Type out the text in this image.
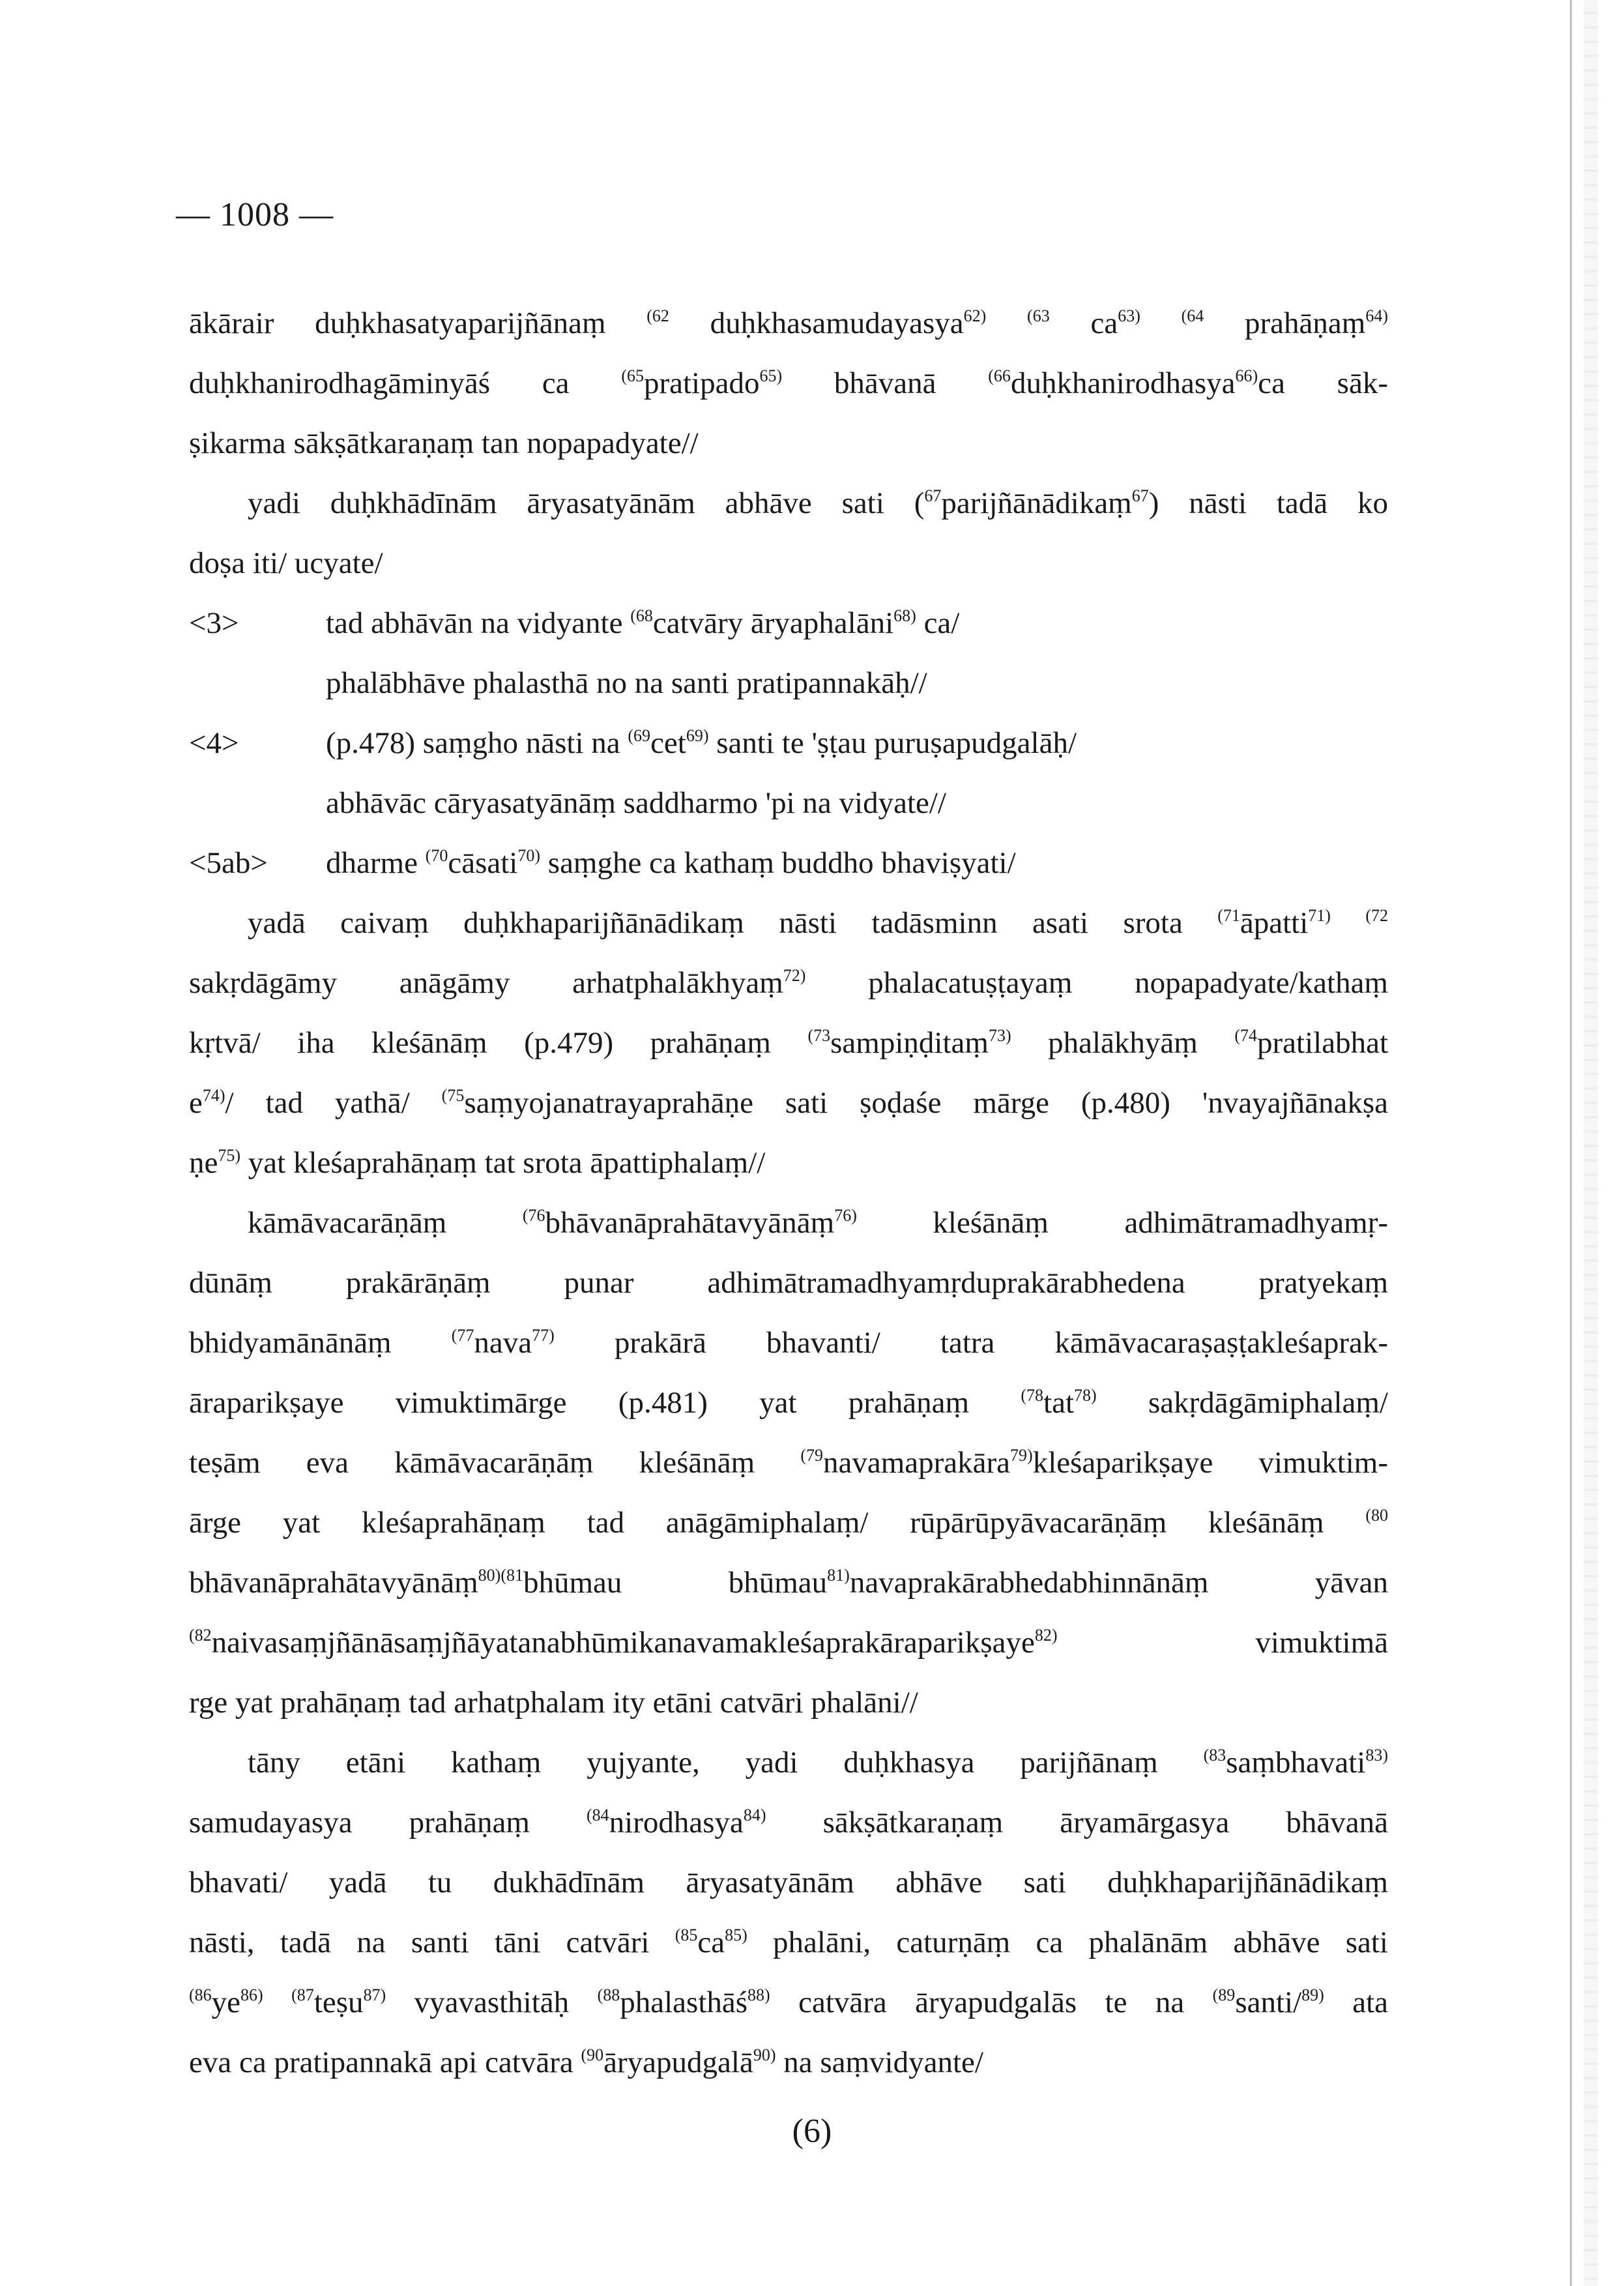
— 1008 —
ākārair duḥkhasatyaparijñānaṃ $^{(62}$ duḥkhasamudayasya$^{62)}$ $^{(63}$ $ca^{63)}$ $^{(64}$ prahāṇaṃ$^{64)}$
duḥkhanirodhagāminyāś ca $^{(65}$pratipado$^{65)}$ bhāvanā $^{(66}$duḥkhanirodhasya$^{66)}$ca sāk-
ṣikarma sākṣātkaraṇaṃ tan nopapadyate//
yadi duḥkhādīnām āryasatyānām abhāve sati ($^{67}$parijñānādikaṃ$^{67}$) nāsti tadā ko
doṣa iti/ ucyate/
<3>	tad abhāvān na vidyante $^{(68}$catvāry āryaphalāni$^{68)}$ ca/
phalābhāve phalasthā no na santi pratipannakāḥ//
<4>	(p.478) saṃgho nāsti na $^{(69}$cet$^{69)}$ santi te 'ṣṭau puruṣapudgalāḥ/
abhāvāc cāryasatyānāṃ saddharmo 'pi na vidyate//
<5ab>	dharme $^{(70}$cāsati$^{70)}$ saṃghe ca kathaṃ buddho bhaviṣyati/
yadā caivaṃ duḥkhaparijñānādikaṃ nāsti tadāsminn asati srota $^{(71}$āpatti$^{71)}$ $^{(72}$
sakṛdāgāmy anāgāmy arhatphalākhyaṃ$^{72)}$ phalacatuṣṭayaṃ nopapadyate/kathaṃ
kṛtvā/ iha kleśānāṃ (p.479) prahāṇaṃ $^{(73}$sampiṇḍitaṃ$^{73)}$ phalākhyāṃ $^{(74}$pratilabhat
$e^{74)}/$ tad yathā/ $^{(75}$saṃyojanatrayaprahāṇe sati ṣoḍaśe mārge (p.480) 'nvayajñānakṣa
ṇe$^{75)}$ yat kleśaprahāṇaṃ tat srota āpattiphalaṃ//
kāmāvacarāṇāṃ $^{(76}$bhāvanāprahātavyānāṃ$^{76)}$ kleśānāṃ adhimātramadhyamṛ-
dūnāṃ prakārāṇāṃ punar adhimātramadhyamṛduprakārabhedena pratyekaṃ
bhidyamānānāṃ $^{(77}$nava$^{77)}$ prakārā bhavanti/ tatra kāmāvacaraṣaṣṭakleśaprak-
āraparikṣaye vimuktimārge (p.481) yat prahāṇaṃ $^{(78}$tat$^{78)}$ sakṛdāgāmiphalaṃ/
teṣām eva kāmāvacarāṇāṃ kleśānāṃ $^{(79}$navamaprakāra$^{79)}$kleśaparikṣaye vimuktim-
ārge yat kleśaprahāṇaṃ tad anāgāmiphalaṃ/ rūpārūpyāvacarāṇāṃ kleśānāṃ $^{(80}$
bhāvanāprahātavyānāṃ$^{80)(81}$bhūmau bhūmau$^{81)}$navaprakārabhedabhinnānāṃ yāvan
$^{(82}$naivasaṃjñānāsaṃjñāyatanabhūmikanavamakleśaprakāraparikṣaye$^{82)}$ vimuktimā
rge yat prahāṇaṃ tad arhatphalam ity etāni catvāri phalāni//
tāny etāni kathaṃ yujyante, yadi duḥkhasya parijñānaṃ $^{(83}$saṃbhavati$^{83)}$
samudayasya prahāṇaṃ $^{(84}$nirodhasya$^{84)}$ sākṣātkaraṇaṃ āryamārgasya bhāvanā
bhavati/ yadā tu dukhādīnām āryasatyānām abhāve sati duḥkhaparijñānādikaṃ
nāsti, tadā na santi tāni catvāri $^{(85}ca^{85)}$ phalāni, caturṇāṃ ca phalānām abhāve sati
$^{(86}ye^{86)}$ $^{(87}$teṣu$^{87)}$ vyavasthitāḥ $^{(88}$phalasthāś$^{88)}$ catvāra āryapudgalās te na $^{(89}$santi/$^{89)}$ ata
eva ca pratipannakā api catvāra $^{(90}$āryapudgalā$^{90)}$ na saṃvidyante/
(6)
